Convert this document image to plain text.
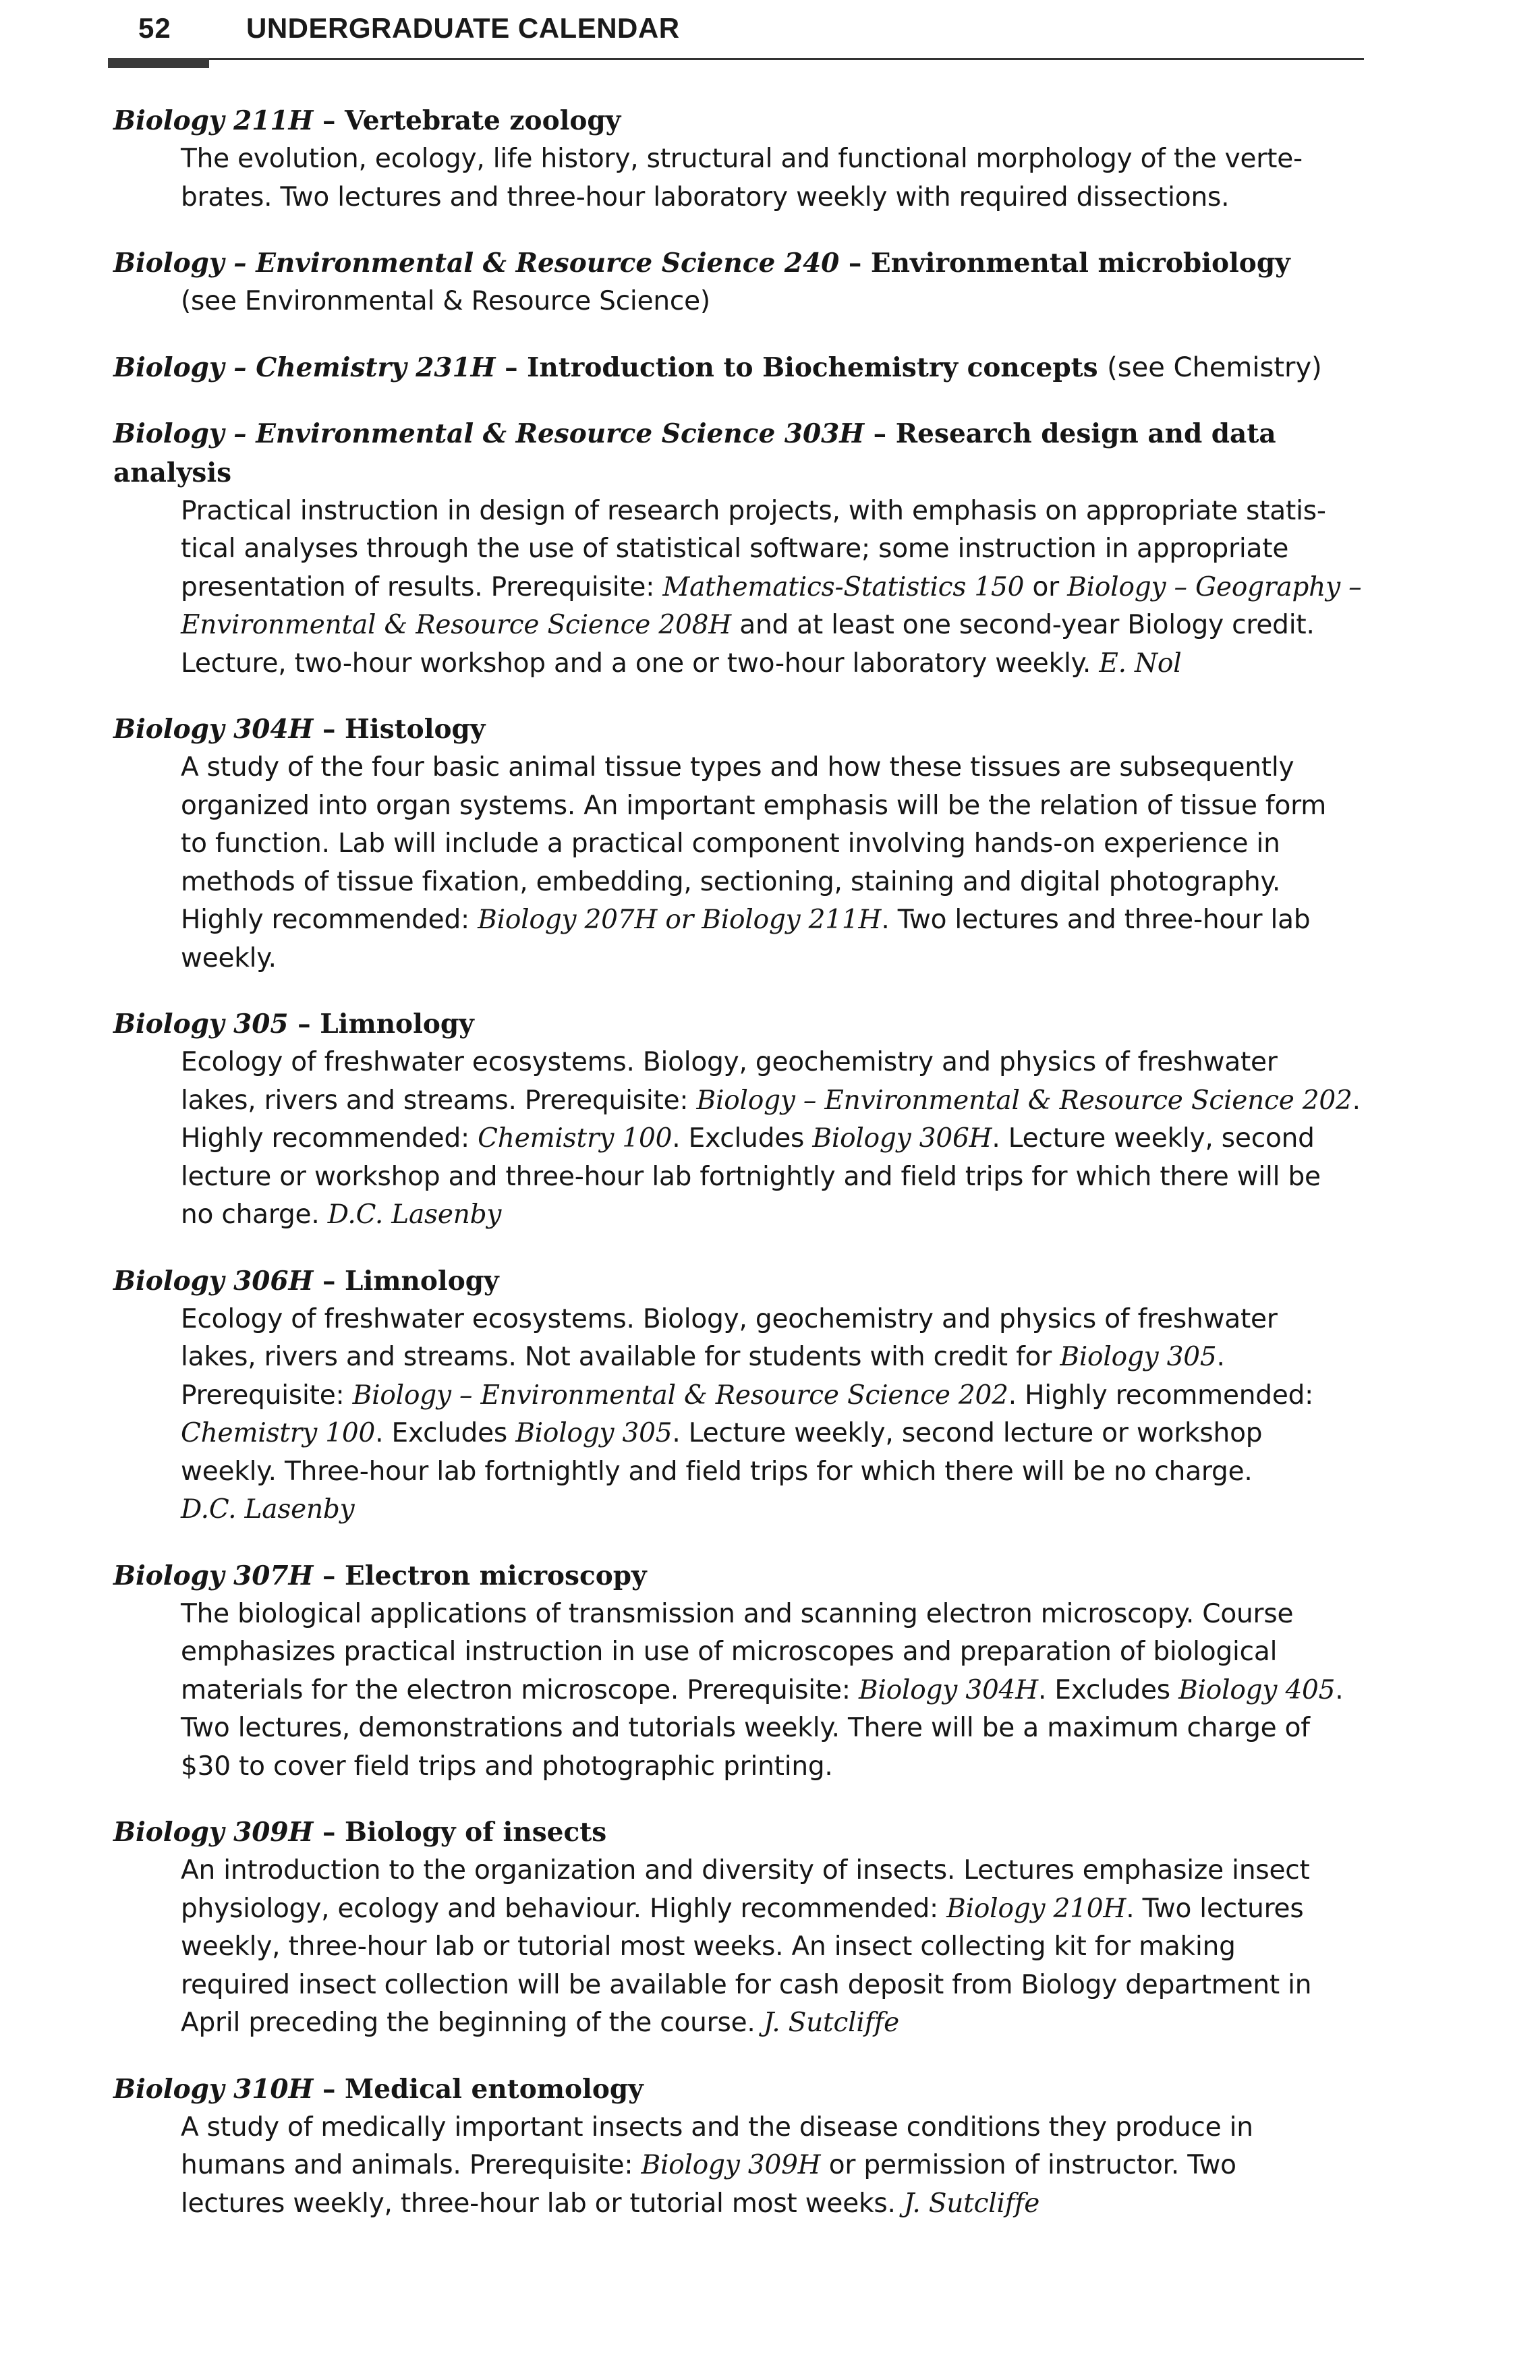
52	UNDERGRADUATE CALENDAR
Biology 211H – Vertebrate zoology
The evolution, ecology, life history, structural and functional morphology of the verte-
brates. Two lectures and three-hour laboratory weekly with required dissections.
Biology – Environmental & Resource Science 240 – Environmental microbiology
(see Environmental & Resource Science)
Biology – Chemistry 231H – Introduction to Biochemistry concepts (see Chemistry)
Biology – Environmental & Resource Science 303H – Research design and data analysis
Practical instruction in design of research projects, with emphasis on appropriate statis-
tical analyses through the use of statistical software; some instruction in appropriate
presentation of results. Prerequisite: Mathematics-Statistics 150 or Biology – Geography –
Environmental & Resource Science 208H and at least one second-year Biology credit.
Lecture, two-hour workshop and a one or two-hour laboratory weekly. E. Nol
Biology 304H – Histology
A study of the four basic animal tissue types and how these tissues are subsequently
organized into organ systems. An important emphasis will be the relation of tissue form
to function. Lab will include a practical component involving hands-on experience in
methods of tissue fixation, embedding, sectioning, staining and digital photography.
Highly recommended: Biology 207H or Biology 211H. Two lectures and three-hour lab
weekly.
Biology 305 – Limnology
Ecology of freshwater ecosystems. Biology, geochemistry and physics of freshwater
lakes, rivers and streams. Prerequisite: Biology – Environmental & Resource Science 202.
Highly recommended: Chemistry 100. Excludes Biology 306H. Lecture weekly, second
lecture or workshop and three-hour lab fortnightly and field trips for which there will be
no charge. D.C. Lasenby
Biology 306H – Limnology
Ecology of freshwater ecosystems. Biology, geochemistry and physics of freshwater
lakes, rivers and streams. Not available for students with credit for Biology 305.
Prerequisite: Biology – Environmental & Resource Science 202. Highly recommended:
Chemistry 100. Excludes Biology 305. Lecture weekly, second lecture or workshop
weekly. Three-hour lab fortnightly and field trips for which there will be no charge.
D.C. Lasenby
Biology 307H – Electron microscopy
The biological applications of transmission and scanning electron microscopy. Course
emphasizes practical instruction in use of microscopes and preparation of biological
materials for the electron microscope. Prerequisite: Biology 304H. Excludes Biology 405.
Two lectures, demonstrations and tutorials weekly. There will be a maximum charge of
$30 to cover field trips and photographic printing.
Biology 309H – Biology of insects
An introduction to the organization and diversity of insects. Lectures emphasize insect
physiology, ecology and behaviour. Highly recommended: Biology 210H. Two lectures
weekly, three-hour lab or tutorial most weeks. An insect collecting kit for making
required insect collection will be available for cash deposit from Biology department in
April preceding the beginning of the course. J. Sutcliffe
Biology 310H – Medical entomology
A study of medically important insects and the disease conditions they produce in
humans and animals. Prerequisite: Biology 309H or permission of instructor. Two
lectures weekly, three-hour lab or tutorial most weeks. J. Sutcliffe
